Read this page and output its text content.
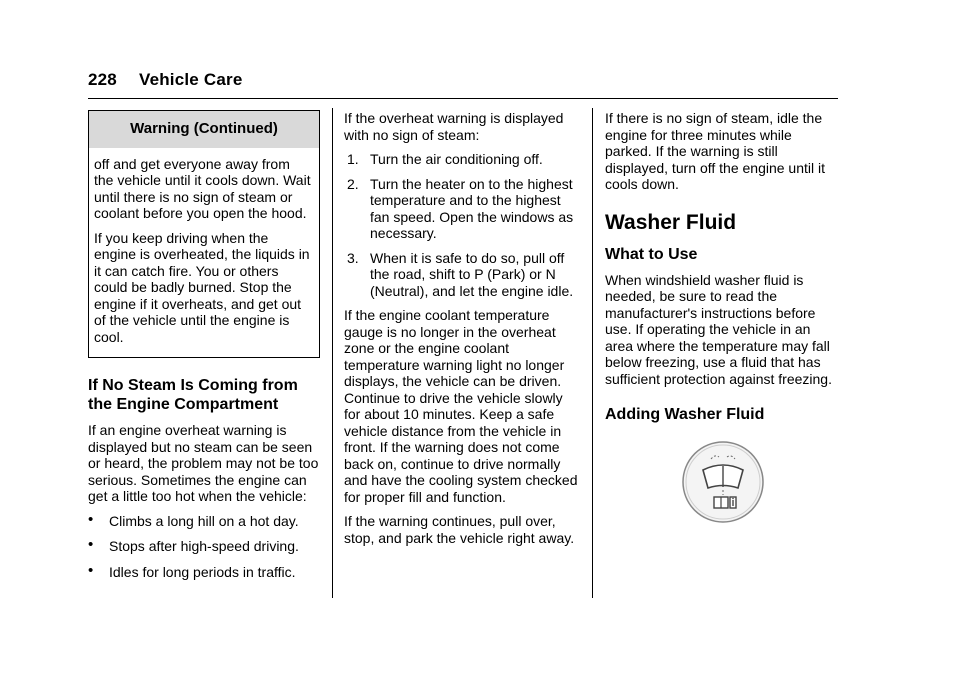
228 Vehicle Care
Warning (Continued)

off and get everyone away from the vehicle until it cools down. Wait until there is no sign of steam or coolant before you open the hood.

If you keep driving when the engine is overheated, the liquids in it can catch fire. You or others could be badly burned. Stop the engine if it overheats, and get out of the vehicle until the engine is cool.

If No Steam Is Coming from the Engine Compartment

If an engine overheat warning is displayed but no steam can be seen or heard, the problem may not be too serious. Sometimes the engine can get a little too hot when the vehicle:

• Climbs a long hill on a hot day.
• Stops after high-speed driving.
• Idles for long periods in traffic.

If the overheat warning is displayed with no sign of steam:

1. Turn the air conditioning off.
2. Turn the heater on to the highest temperature and to the highest fan speed. Open the windows as necessary.
3. When it is safe to do so, pull off the road, shift to P (Park) or N (Neutral), and let the engine idle.

If the engine coolant temperature gauge is no longer in the overheat zone or the engine coolant temperature warning light no longer displays, the vehicle can be driven. Continue to drive the vehicle slowly for about 10 minutes. Keep a safe vehicle distance from the vehicle in front. If the warning does not come back on, continue to drive normally and have the cooling system checked for proper fill and function.

If the warning continues, pull over, stop, and park the vehicle right away.

If there is no sign of steam, idle the engine for three minutes while parked. If the warning is still displayed, turn off the engine until it cools down.

Washer Fluid
What to Use

When windshield washer fluid is needed, be sure to read the manufacturer's instructions before use. If operating the vehicle in an area where the temperature may fall below freezing, use a fluid that has sufficient protection against freezing.

Adding Washer Fluid
